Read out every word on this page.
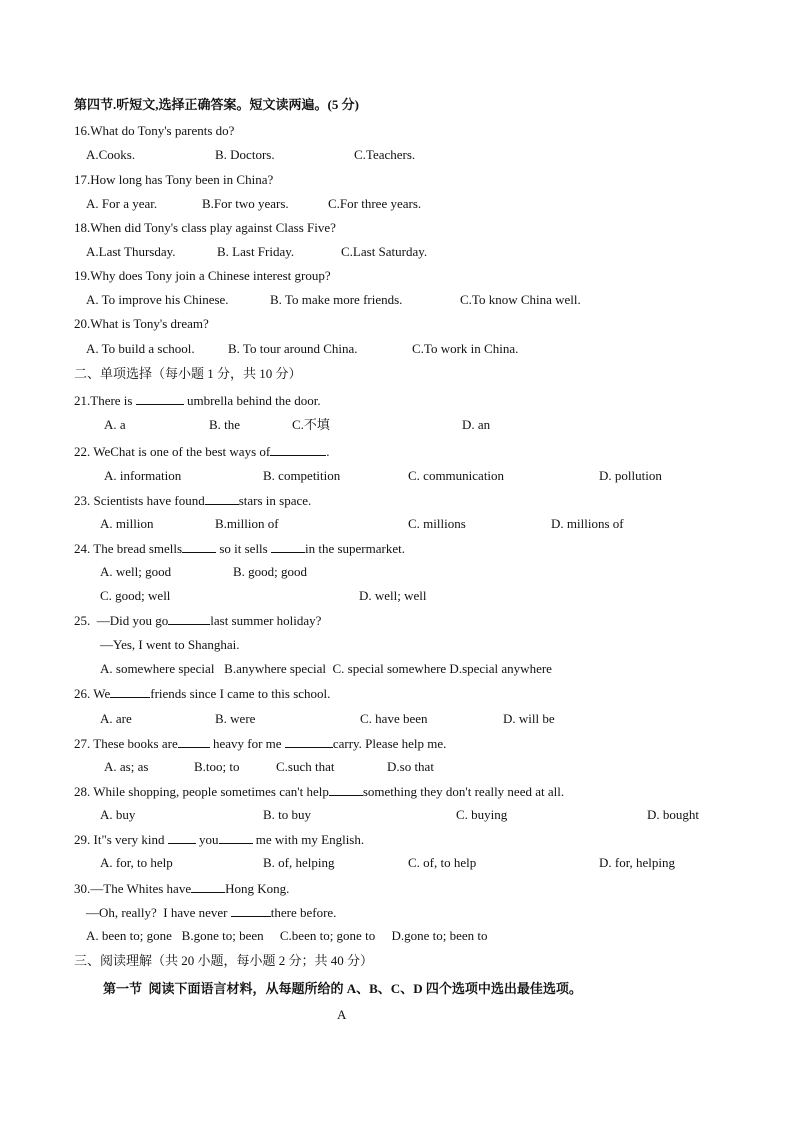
第四节.听短文,选择正确答案。短文读两遍。(5 分)
16.What do Tony's parents do?
A.Cooks.	B. Doctors.	C.Teachers.
17.How long has Tony been in China?
A. For a year.	B.For two years.	C.For three years.
18.When did Tony's class play against Class Five?
A.Last Thursday.	B. Last Friday.	C.Last Saturday.
19.Why does Tony join a Chinese interest group?
A. To improve his Chinese.	B. To make more friends.	C.To know China well.
20.What is Tony's dream?
A. To build a school.	B. To tour around China.	C.To work in China.
二、单项选择（每小题 1 分，共 10 分）
21.There is	umbrella behind the door.
A. a	B. the	C.不填	D. an
22. WeChat is one of the best ways of	.
A. information	B. competition	C. communication	D. pollution
23. Scientists have found	stars in space.
A. million	B.million of	C. millions	D. millions of
24. The bread smells	so it sells	in the supermarket.
A. well; good	B. good; good
C. good; well	D. well; well
25.  —Did you go	last summer holiday?
—Yes, I went to Shanghai.
A. somewhere special   B.anywhere special  C. special somewhere D.special anywhere
26. We	friends since I came to this school.
A. are	B. were	C. have been	D. will be
27. These books are	heavy for me	carry. Please help me.
A. as; as	B.too; to	C.such that	D.so that
28. While shopping, people sometimes can't help	something they don't really need at all.
A. buy	B. to buy	C. buying	D. bought
29. It"s very kind	you	me with my English.
A. for, to help	B. of, helping	C. of, to help	D. for, helping
30.—The Whites have	Hong Kong.
—Oh, really?  I have never	there before.
A. been to; gone   B.gone to; been     C.been to; gone to     D.gone to; been to
三、阅读理解（共 20 小题，每小题 2 分；共 40 分）
第一节  阅读下面语言材料，从每题所给的 A、B、C、D 四个选项中选出最佳选项。
A
